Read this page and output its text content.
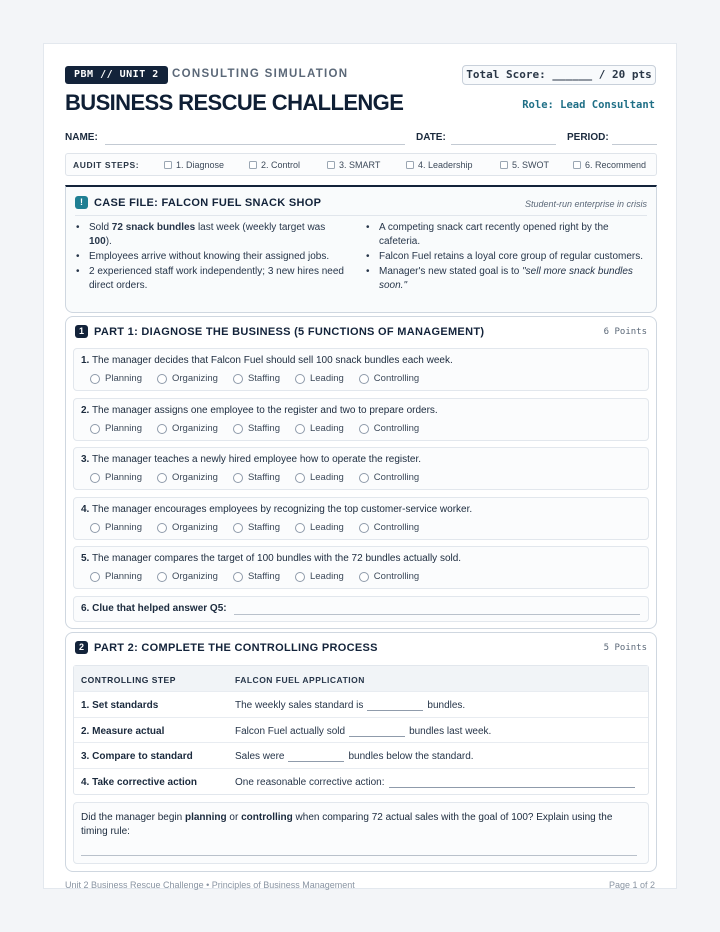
PBM // UNIT 2	CONSULTING SIMULATION	Total Score: ______ / 20 pts
BUSINESS RESCUE CHALLENGE	Role: Lead Consultant
NAME:	DATE:	PERIOD:
AUDIT STEPS:	1. Diagnose	2. Control	3. SMART	4. Leadership	5. SWOT	6. Recommend
!	CASE FILE: FALCON FUEL SNACK SHOP	Student-run enterprise in crisis
• Sold 72 snack bundles last week (weekly target was 100).
• Employees arrive without knowing their assigned jobs.
• 2 experienced staff work independently; 3 new hires need direct orders.
• A competing snack cart recently opened right by the cafeteria.
• Falcon Fuel retains a loyal core group of regular customers.
• Manager's new stated goal is to "sell more snack bundles soon."
1 PART 1: DIAGNOSE THE BUSINESS (5 FUNCTIONS OF MANAGEMENT)	6 Points
1. The manager decides that Falcon Fuel should sell 100 snack bundles each week.
Planning	Organizing	Staffing	Leading	Controlling
2. The manager assigns one employee to the register and two to prepare orders.
Planning	Organizing	Staffing	Leading	Controlling
3. The manager teaches a newly hired employee how to operate the register.
Planning	Organizing	Staffing	Leading	Controlling
4. The manager encourages employees by recognizing the top customer-service worker.
Planning	Organizing	Staffing	Leading	Controlling
5. The manager compares the target of 100 bundles with the 72 bundles actually sold.
Planning	Organizing	Staffing	Leading	Controlling
6. Clue that helped answer Q5:
2 PART 2: COMPLETE THE CONTROLLING PROCESS	5 Points
CONTROLLING STEP	FALCON FUEL APPLICATION
1. Set standards	The weekly sales standard is	bundles.
2. Measure actual	Falcon Fuel actually sold	bundles last week.
3. Compare to standard	Sales were	bundles below the standard.
4. Take corrective action	One reasonable corrective action:
Did the manager begin planning or controlling when comparing 72 actual sales with the goal of 100? Explain using the timing rule:
Unit 2 Business Rescue Challenge • Principles of Business Management	Page 1 of 2
